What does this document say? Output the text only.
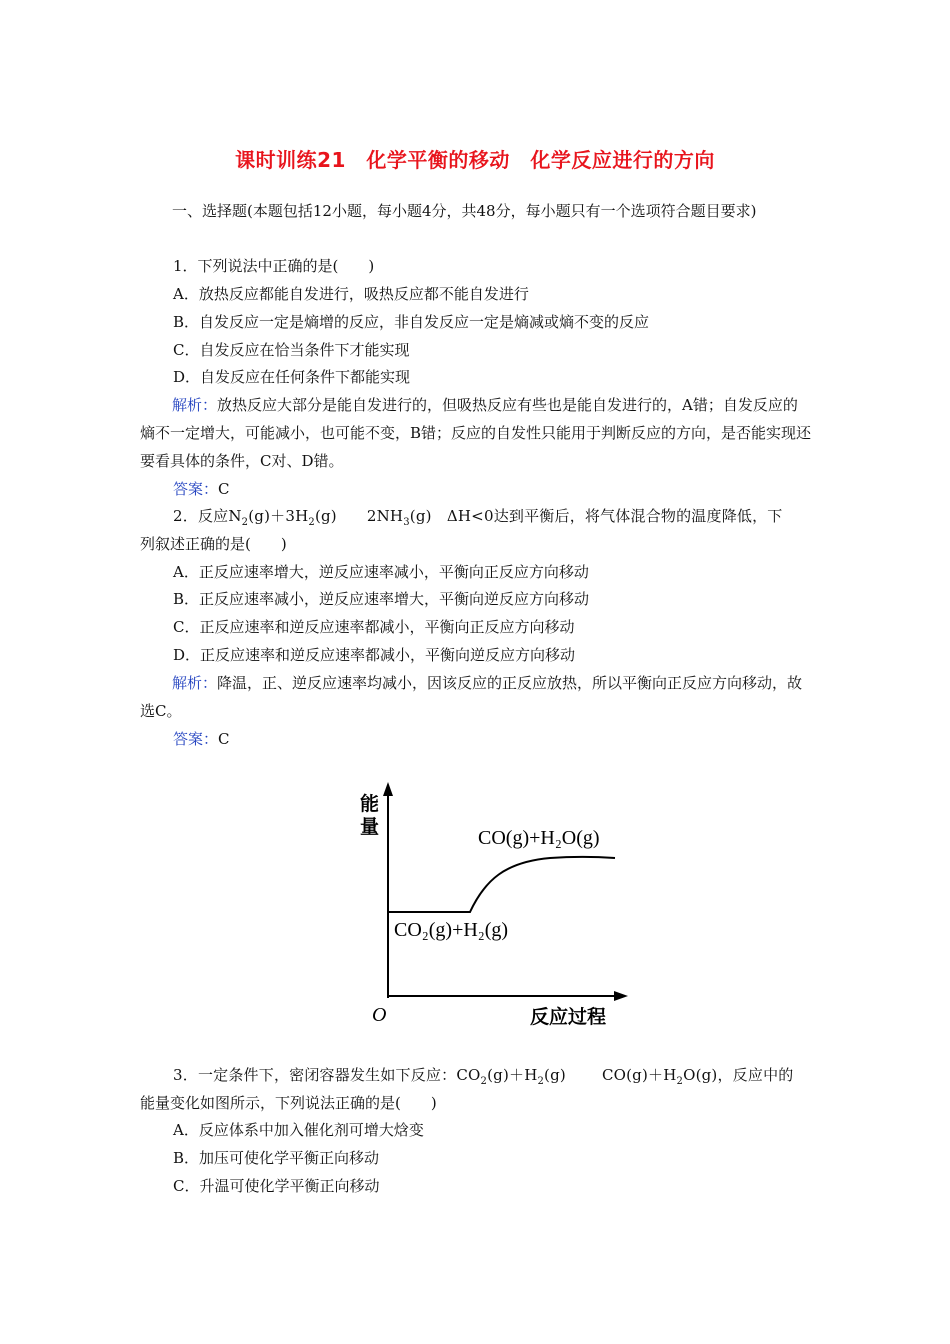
课时训练21　化学平衡的移动　化学反应进行的方向
一、选择题(本题包括12小题，每小题4分，共48分，每小题只有一个选项符合题目要求)
1．下列说法中正确的是(　　)
A．放热反应都能自发进行，吸热反应都不能自发进行
B．自发反应一定是熵增的反应，非自发反应一定是熵减或熵不变的反应
C．自发反应在恰当条件下才能实现
D．自发反应在任何条件下都能实现
解析：放热反应大部分是能自发进行的，但吸热反应有些也是能自发进行的，A错；自发反应的熵不一定增大，可能减小，也可能不变，B错；反应的自发性只能用于判断反应的方向，是否能实现还要看具体的条件，C对、D错。
答案：C
2．反应$N_2(g)+3H_2(g)$ $2NH_3(g)$　ΔH<0达到平衡后，将气体混合物的温度降低，下
列叙述正确的是(　　)
A．正反应速率增大，逆反应速率减小，平衡向正反应方向移动
B．正反应速率减小，逆反应速率增大，平衡向逆反应方向移动
C．正反应速率和逆反应速率都减小，平衡向正反应方向移动
D．正反应速率和逆反应速率都减小，平衡向逆反应方向移动
解析：降温，正、逆反应速率均减小，因该反应的正反应放热，所以平衡向正反应方向移动，故选C。
答案：C
能
量
O	反应过程
CO(g)+H₂O(g)
CO₂(g)+H₂(g)
3．一定条件下，密闭容器发生如下反应：$CO_2(g)+H_2(g)$ $CO(g)+H_2O(g)$，反应中的
能量变化如图所示，下列说法正确的是(　　)
A．反应体系中加入催化剂可增大焓变
B．加压可使化学平衡正向移动
C．升温可使化学平衡正向移动
